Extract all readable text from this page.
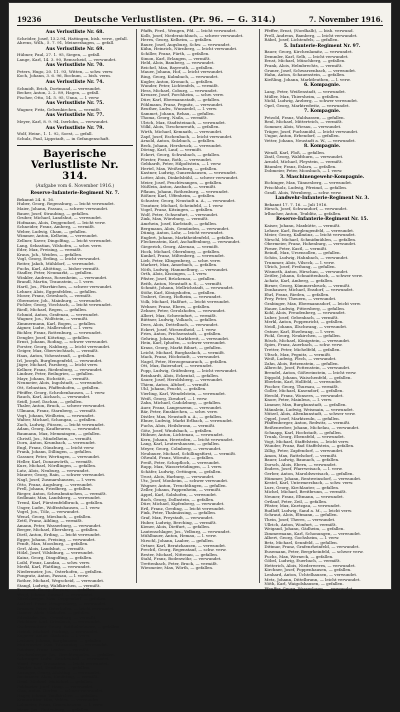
19236	Deutsche Verlustlisten. (Pr. 96. — G. 314.)	7. November 1916.
Aus Verlustliste Nr. 68.
Schröder, Josef, 13.2.94, Hattingen, bish. verw., gefall.
Ahrens, Wilh., 5. 7. 91, Meinerzhagen, — gefall.
Aus Verlustliste Nr. 69.
Hübner, Paul, 27. 1. 95, Siegen, — gefall.
Lange, Karl, 14. 3. 90, Remscheid, — verwundet.
Aus Verlustliste Nr. 70.
Peters, Hugo, 20. 11. 93, Witten, — schw. verw.
Koch, Johann, 3. 6. 96, Bochum, — bish. verm.
Aus Verlustliste Nr. 74.
Schmidt, Erich, Dortmund, — verwundet.
Becker, Anton, 2. 2. 89, Hagen, — gefall.
Fischer, Otto, 14. 5. 95, Unna, — l. verw.
Aus Verlustliste Nr. 75.
Wagner, Fritz, Gelsenkirchen, — vermißt.
Aus Verlustliste Nr. 77.
Meyer, Karl, 8. 9. 94, Iserlohn, — verwundet.
Aus Verlustliste Nr. 79.
Wolf, Heinr., 1. 1. 92, Soest, — gefall.
Schulz, Paul, Lippstadt, — in Gefangenschaft.
Bayerische Verlustliste Nr. 314.
(Aufgabe vom 6. November 1916.)
Reserve-Infanterie-Regiment Nr. 7.
Bekannt 24. 6. 16.
Huber, Georg, Regensburg, — leicht verwundet.
Maier, Johann, Passau, — schwer verwundet.
Bauer, Josef, Straubing, — gefallen.
Gruber, Michael, Landshut, — verwundet.
Hofmann, Alois, Deggendorf, — leicht verw.
Schneider, Franz, Amberg, — vermißt.
Weber, Ludwig, Cham, — gefallen.
Wimmer, Anton, Kelheim, — verwundet.
Zellner, Xaver, Dingolfing, — leicht verwundet.
Lang, Sebastian, Vilshofen, — schw. verw.
Eder, Max, Freising, — vermißt.
Kraus, Joh., Weiden, — gefallen.
Vogl, Georg, Erding, — leicht verwundet.
Reiter, Jakob, Mühldorf, — verwundet.
Fuchs, Karl, Altötting, — bisher vermißt.
Stadler, Peter, Neumarkt, — gefallen.
Winkler, Andreas, Rosenheim, — verwundet.
Brandl, Martin, Traunstein, — l. verw.
Hartl, Jos., Pfarrkirchen, — schwer verwundet.
Lehner, Alois, Eggenfelden, — gefallen.
Moser, Franz, Griesbach, — vermißt.
Obermeier, Joh., Mainburg, — verwundet.
Pichler, Georg, Viechtach, — leicht verwundet.
Riedl, Michael, Regen, — gefallen.
Schmid, Anton, Grafenau, — verwundet.
Wagner, Jos., Wolfstein, — vermißt.
Zimmermann, Karl, Bogen, — gefallen.
Aigner, Ludw., Mallersdorf, — l. verw.
Bichler, Franz, Rottenburg, — verwundet.
Dengler, Josef, Kötzting, — gefallen.
Ernst, Johann, Roding, — schwer verwundet.
Forster, Georg, Nabburg, — leicht verwundet.
Geiger, Max, Oberviechtach, — vermißt.
Haas, Anton, Vohenstrauß, — gefallen.
Irl, Joseph, Burglengenfeld, — verwundet.
Jäger, Michael, Parsberg, — leicht verw.
Kellner, Franz, Riedenburg, — verwundet.
Lindner, Peter, Beilngries, — gefallen.
Mayr, Johann, Eichstätt, — vermißt.
Neumeier, Alois, Ingolstadt, — verwundet.
Ott, Sebastian, Pfaffenhofen, — gefallen.
Pfeiffer, Georg, Schrobenhausen, — l. verw.
Rauch, Karl, Aichach, — verwundet.
Seidl, Josef, Dachau, — gefallen.
Thaler, Anton, Bruck, — schwer verwundet.
Ullmann, Franz, Starnberg, — vermißt.
Vogt, Johann, Weilheim, — verwundet.
Walter, Michael, Schongau, — gefallen.
Zach, Ludwig, Füssen, — leicht verwundet.
Adam, Georg, Kaufbeuren, — verwundet.
Baumann, Max, Memmingen, — gefallen.
Christl, Jos., Mindelheim, — vermißt.
Dorn, Anton, Krumbach, — verwundet.
Engl, Franz, Günzburg, — leicht verw.
Frank, Johann, Dillingen, — gefallen.
Gassner, Peter, Wertingen, — verwundet.
Heller, Karl, Donauwörth, — vermißt.
Kurz, Michael, Nördlingen, — gefallen.
Lutz, Alois, Neuburg, — verwundet.
Maurer, Georg, Rain, — schwer verwundet.
Nagl, Josef, Zusmarshausen, — l. verw.
Otto, Franz, Augsburg, — verwundet.
Prell, Johann, Friedberg, — gefallen.
Rieger, Anton, Schwabmünchen, — vermißt.
Sedlmair, Max, Landsberg, — verwundet.
Treml, Karl, Fürstenfeldbruck, — gefallen.
Unger, Ludw., Wolfratshausen, — l. verw.
Vogel, Jos., Tölz, — verwundet.
Wenzl, Georg, Miesbach, — gefallen.
Zettl, Franz, Aibling, — vermißt.
Amann, Peter, Wasserburg, — verwundet.
Berger, Michael, Ebersberg, — gefallen.
Dietl, Anton, Erding, — leicht verwundet.
Egger, Johann, Freising, — verwundet.
Fendt, Max, Moosburg, — gefallen.
Gerl, Alois, Landshut, — vermißt.
Hölzl, Josef, Vilsbiburg, — verwundet.
Kainz, Georg, Dingolfing, — gefallen.
Loibl, Franz, Landau, — schw. verw.
Merkl, Karl, Plattling, — verwundet.
Niedermeier, Jos., Osterhofen, — gefallen.
Pongratz, Anton, Passau, — l. verw.
Rother, Michael, Wegscheid, — verwundet.
Stangl, Ludwig, Waldkirchen, — vermißt.
Tremmel, Georg, Freyung, — gefallen.
Weigl, Johann, Zwiesel, — verwundet.
Zitzelsberger, Max, Deggendorf, — gefallen.
Ascherl, Franz, Hengersberg, — verwundet.
Brunner, Peter, Osterhofen, — leicht verwundet.
Danner, Alois, Vilshofen, — gefallen.
Edenhofer, Jos., Ortenburg, — vermißt.
Feichtner, Karl, Griesbach, — verwundet.
Gschwendtner, Georg, Rotthalmünster, — gefallen.
Heindl, Michael, Pocking, — verwundet.
Kagerer, Anton, Simbach, — l. verw.
Lechner, Johann, Burghausen, — gefallen.
Mittermeier, Max, Tittmoning, — verwundet.
Pointner, Franz, Laufen, — vermißt.
Reichenberger, Jos., Berchtesgaden, — gefallen.
Schwaiger, Ludw., Reichenhall, — verwundet.
Wastl, Peter, Traunstein, — leicht verwundet.
Ziegler, Karl, Trostberg, — gefallen.
Anzinger, Georg, Altötting, — verwundet.
Bachmeier, Alois, Neuötting, — vermißt.
Deml, Michael, Mühldorf, — gefallen.
Feldmeier, Josef, Haag, — verwundet.
Glas, Anton, Dorfen, — schwer verwundet.
Hager, Johann, Taufkirchen, — gefallen.
Kronawitter, Max, Velden, — verwundet.
Lohmeier, Franz, Geisenhausen, — l. verw.
Maier, Jos., Rottenburg, — gefallen.
Pfaffs, Ferd., Wengen, Pfd. — leicht verwundet.
Kolb, Josef, Niederaichbach, — schwer verwundet.
Herrn, Georg, Kelheim, — gefallen.
Bauer, Josef, Augsburg, Schw. — verwundet.
Kühn, Heinrich, Nürnberg, — leicht verwundet.
Schiller, Franz, Fürth, — gefallen.
Simon, Karl, Erlangen, — vermißt.
Held, Alois, Bamberg, — verwundet.
Reichel, Max, Bayreuth, — gefallen.
Mauer, Johann, Hof, — leicht verwundet.
Ring, Georg, Kulmbach, — verwundet.
Kugler, Anton, Kronach, — gefallen.
Wunder, Peter, Lichtenfels, — vermißt.
Hess, Michael, Coburg, — verwundet.
Kreuzer, Josef, Forchheim, — schw. verw.
Dürr, Karl, Ebermannstadt, — gefallen.
Pöhlmann, Franz, Pegnitz, — verwundet.
Reuther, Ludw., Wunsiedel, — l. verw.
Sammet, Johann, Rehau, — gefallen.
Thoma, Georg, Naila, — vermißt.
Ulrich, Max, Stadtsteinach, — verwundet.
Völkl, Alois, Tirschenreuth, — gefallen.
Wirth, Michael, Kemnath, — verwundet.
Zapf, Josef, Eschenbach, — leicht verwundet.
Arnold, Anton, Sulzbach, — gefallen.
Beck, Johann, Hersbruck, — verwundet.
Döring, Karl, Lauf, — vermißt.
Eckert, Georg, Schwabach, — gefallen.
Förster, Franz, Roth, — verwundet.
Gebhardt, Peter, Hilpoltstein, — l. verw.
Hertel, Max, Weißenburg, — gefallen.
Kastner, Ludwig, Gunzenhausen, — verwundet.
Lotter, Alois, Dinkelsbühl, — schwer verwundet.
Meier, Josef, Feuchtwangen, — gefallen.
Nüßlein, Anton, Ansbach, — vermißt.
Pflaum, Johann, Rothenburg, — verwundet.
Rößner, Karl, Uffenheim, — gefallen.
Schuster, Georg, Neustadt a. A., — verwundet.
Trautner, Michael, Scheinfeld, — l. verw.
Vogel, Franz, Kitzingen, — gefallen.
Wolf, Peter, Ochsenfurt, — verwundet.
Zink, Max, Würzburg, — vermißt.
Amrhein, Josef, Karlstadt, — gefallen.
Bergmann, Alois, Gemünden, — verwundet.
Dümig, Anton, Lohr, — leicht verwundet.
Englert, Johann, Marktheidenfeld, — gefallen.
Fleckenstein, Karl, Aschaffenburg, — verwundet.
Giegerich, Georg, Alzenau, — vermißt.
Hock, Michael, Obernburg, — gefallen.
Kunkel, Franz, Miltenberg, — verwundet.
Lieb, Peter, Klingenberg, — schw. verw.
Markert, Max, Amorbach, — gefallen.
Nöth, Ludwig, Hammelburg, — verwundet.
Orth, Alois, Kissingen, — l. verw.
Pfister, Josef, Brückenau, — gefallen.
Reith, Anton, Neustadt a. S., — vermißt.
Schmitt, Johann, Mellrichstadt, — verwundet.
Stöhr, Karl, Königshofen, — gefallen.
Trabert, Georg, Hofheim, — verwundet.
Volk, Michael, Haßfurt, — leicht verwundet.
Wehner, Franz, Ebern, — gefallen.
Zehner, Peter, Gerolzhofen, — verwundet.
Albert, Max, Schweinfurt, — vermißt.
Büttner, Ludwig, Volkach, — gefallen.
Dees, Alois, Dettelbach, — verwundet.
Eckert, Josef, Wiesentheid, — l. verw.
Fries, Anton, Prichsenstadt, — gefallen.
Gehring, Johann, Marktbreit, — verwundet.
Hein, Karl, Iphofen, — schwer verwundet.
Kraus, Georg, Markt Bibart, — gefallen.
Leicht, Michael, Burghaslach, — vermißt.
Mack, Franz, Höchstadt, — verwundet.
Nagel, Peter, Herzogenaurach, — gefallen.
Ott, Max, Baiersdorf, — verwundet.
Popp, Ludwig, Gräfenberg, — leicht verwundet.
Reinhardt, Alois, Eckental, — gefallen.
Sauer, Josef, Heroldsberg, — verwundet.
Thiem, Anton, Altdorf, — vermißt.
Uhl, Johann, Feucht, — gefallen.
Vierling, Karl, Wendelstein, — verwundet.
Weiß, Georg, Zirndorf, — l. verw.
Zahn, Michael, Cadolzburg, — gefallen.
Auer, Franz, Langenzenn, — verwundet.
Bär, Peter, Emskirchen, — schw. verw.
Distler, Max, Neustadt a. A., — gefallen.
Ebner, Ludwig, Markt Erlbach, — verwundet.
Fuchs, Alois, Heilsbronn, — vermißt.
Götz, Josef, Windsbach, — gefallen.
Hübner, Anton, Lichtenau, — verwundet.
Kern, Johann, Herrieden, — leicht verwundet.
Lang, Karl, Leutershausen, — gefallen.
Meyer, Georg, Colmberg, — verwundet.
Neubauer, Michael, Schillingsfürst, — vermißt.
Oßwald, Franz, Wörnitz, — gefallen.
Preiß, Peter, Schopfloch, — verwundet.
Rupp, Max, Wassertrüdingen, — l. verw.
Schäfer, Ludwig, Oettingen, — gefallen.
Trost, Alois, Harburg, — verwundet.
Utz, Josef, Monheim, — schwer verwundet.
Wagner, Anton, Treuchtlingen, — gefallen.
Zeller, Johann, Pappenheim, — vermißt.
Appel, Karl, Solnhofen, — verwundet.
Bach, Georg, Dollnstein, — gefallen.
Dürr, Michael, Kipfenberg, — verwundet.
Ertl, Franz, Greding, — leicht verwundet.
Fink, Peter, Thalmässing, — gefallen.
Graf, Max, Freystadt, — verwundet.
Huber, Ludwig, Berching, — vermißt.
Kiener, Alois, Dietfurt, — gefallen.
Lautenschlager, Jos., Velburg, — verwundet.
Mühlbauer, Anton, Hemau, — l. verw.
Nirschl, Johann, Laaber, — gefallen.
Ortner, Karl, Beratzhausen, — verwundet.
Prechtl, Georg, Regenstauf, — schw. verw.
Rester, Michael, Nittenau, — gefallen.
Stahl, Franz, Bodenwöhr, — verwundet.
Trettenbach, Peter, Bruck, — vermißt.
Wiesmeier, Max, Wörth, — gefallen.
Pfeffer, Ernst, (Nordhalb), — bish. verwund.
Prell, Andreas, Bamberg, — leicht verwundet.
Räbel, Josef, Lichtenfels, — gefallen.
5. Infanterie-Regiment Nr. 97.
Bauer, Georg, Kirchenlamitz, — verwundet.
Demmler, Karl, Selb, — leicht verwundet.
Ernst, Michael, Münchberg, — gefallen.
Frank, Alois, Helmbrechts, — vermißt.
Gruner, Josef, Schwarzenbach, — verwundet.
Hahn, Anton, Schauenstein, — gefallen.
Kießling, Johann, Marktleuthen, — l. verw.
6. Kompagnie.
Lang, Peter, Weißenstadt, — verwundet.
Müller, Max, Thiersheim, — gefallen.
Nickl, Ludwig, Arzberg, — schwer verwundet.
Opel, Georg, Marktredwitz, — verwundet.
7. Kompagnie.
Petzold, Franz, Waldsassen, — gefallen.
Reul, Michael, Mitterteich, — vermißt.
Sommer, Alois, Wiesau, — verwundet.
Träger, Josef, Fuchsmühl, — leicht verwundet.
Ungar, Anton, Erbendorf, — gefallen.
Vetter, Johann, Neustadt a. W., — verwundet.
8. Kompagnie.
Wendl, Karl, Floß, — gefallen.
Zintl, Georg, Waldthurn, — verwundet.
Arnold, Michael, Pleystein, — vermißt.
Bäumler, Franz, Eslarn, — gefallen.
Dobmeier, Peter, Moosbach, — l. verw.
3. Maschinengewehr-Kompagnie.
Eichinger, Max, Tännesberg, — verwundet.
Frischholz, Ludwig, Pfreimd, — gefallen.
Gradl, Alois, Wernberg, — schw. verw.
Landwehr-Infanterie-Regiment Nr. 3.
Bekannt 17. 7. 16. — Juli 1916.
Hirsch, Josef, Schwandorf, — verwundet.
Irlbacher, Anton, Teublitz, — gefallen.
Reserve-Infanterie-Regiment Nr. 15.
Kaiser, Johann, Maxhütte, — vermißt.
Lehner, Karl, Burglengenfeld, — verwundet.
Meier, Georg, Kallmünz, — leicht verwundet.
Nirschl, Michael, Schmidmühlen, — gefallen.
Obermeier, Franz, Hohenburg, — verwundet.
Pirner, Peter, Kastl, — vermißt.
Reindl, Max, Ursensollen, — gefallen.
Schön, Ludwig, Hahnbach, — verwundet.
Trummer, Alois, Vilseck, — l. verw.
Ulrich, Josef, Freihung, — gefallen.
Wismeth, Anton, Hirschau, — verwundet.
Zeitler, Johann, Schnaittenbach, — schwer verw.
Achatz, Karl, Amberg, — gefallen.
Birner, Georg, Kümmersbruck, — vermißt.
Donhauser, Michael, Ensdorf, — verwundet.
Ehrl, Franz, Rieden, — gefallen.
Frey, Peter, Theuern, — verwundet.
Grabinger, Max, Ebermannsdorf, — leicht verw.
Hauer, Ludwig, Pittersberg, — gefallen.
Kohl, Alois, Freudenberg, — verwundet.
Luber, Josef, Gebenbach, — vermißt.
Merkl, Anton, Poppenricht, — gefallen.
Neidl, Johann, Illschwang, — verwundet.
Ostner, Karl, Etzelwang, — l. verw.
Pickl, Georg, Neukirchen, — gefallen.
Rösch, Michael, Königstein, — verwundet.
Spies, Franz, Auerbach, — schw. verw.
Tretter, Peter, Michelfeld, — gefallen.
Ultsch, Max, Pegnitz, — vermißt.
Weiß, Ludwig, Plech, — verwundet.
Zahn, Alois, Betzenstein, — gefallen.
Albrecht, Josef, Pottenstein, — verwundet.
Brendel, Anton, Gößweinstein, — leicht verw.
Dippold, Johann, Waischenfeld, — gefallen.
Eberlein, Karl, Hollfeld, — verwundet.
Fischer, Georg, Thurnau, — vermißt.
Goller, Michael, Kasendorf, — gefallen.
Herold, Franz, Wonsees, — verwundet.
Knorr, Peter, Mainleus, — l. verw.
Limmer, Max, Burgkunstadt, — gefallen.
Männlein, Ludwig, Weismain, — verwundet.
Nützel, Alois, Altenkunstadt, — schwer verw.
Oppel, Josef, Marktzeuln, — gefallen.
Pfaffenberger, Anton, Redwitz, — vermißt.
Reißenweber, Johann, Michelau, — verwundet.
Schnapp, Karl, Hochstadt, — gefallen.
Trunk, Georg, Ebensfeld, — verwundet.
Vogt, Michael, Staffelstein, — leicht verw.
Wunder, Franz, Bad Staffelstein, — gefallen.
Zillig, Peter, Zapfendorf, — verwundet.
Amon, Max, Rattelsdorf, — vermißt.
Bauer, Ludwig, Baunach, — gefallen.
Dorsch, Alois, Ebern, — verwundet.
Endres, Josef, Pfarrweisach, — l. verw.
Gerber, Anton, Maroldsweisach, — gefallen.
Hümmer, Johann, Rentweinsdorf, — verwundet.
Kestel, Karl, Untermerzbach, — schw. verw.
Lurz, Georg, Kirchlauter, — gefallen.
Michel, Michael, Breitbrunn, — vermißt.
Neuner, Franz, Eltmann, — verwundet.
Ortlauf, Peter, Zeil, — gefallen.
Pfister, Max, Knetzgau, — verwundet.
Rudloff, Ludwig, Sand a. M., — leicht verw.
Schraut, Alois, Eltmann, — gefallen.
Thein, Josef, Theres, — verwundet.
Ullrich, Anton, Wonfurt, — vermißt.
Weigand, Johann, Gädheim, — gefallen.
Zimmermann, Karl, Schonungen, — verwundet.
Albert, Georg, Gochsheim, — l. verw.
Betz, Michael, Sennfeld, — gefallen.
Dittmar, Franz, Grafenrheinfeld, — verwundet.
Eusemann, Peter, Bergrheinfeld, — schwer verw.
Fuchs, Max, Werneck, — gefallen.
Göbel, Ludwig, Euerbach, — vermißt.
Hetterich, Alois, Niederwerrn, — verwundet.
Kirchner, Josef, Poppenhausen, — gefallen.
Lenhard, Anton, Üchtelhausen, — verwundet.
Metz, Johann, Dittelbrunn, — leicht verwundet.
Nöth, Karl, Waigolshausen, — gefallen.
Pfeuffer, Georg, Wasserlosen, — verwundet.
